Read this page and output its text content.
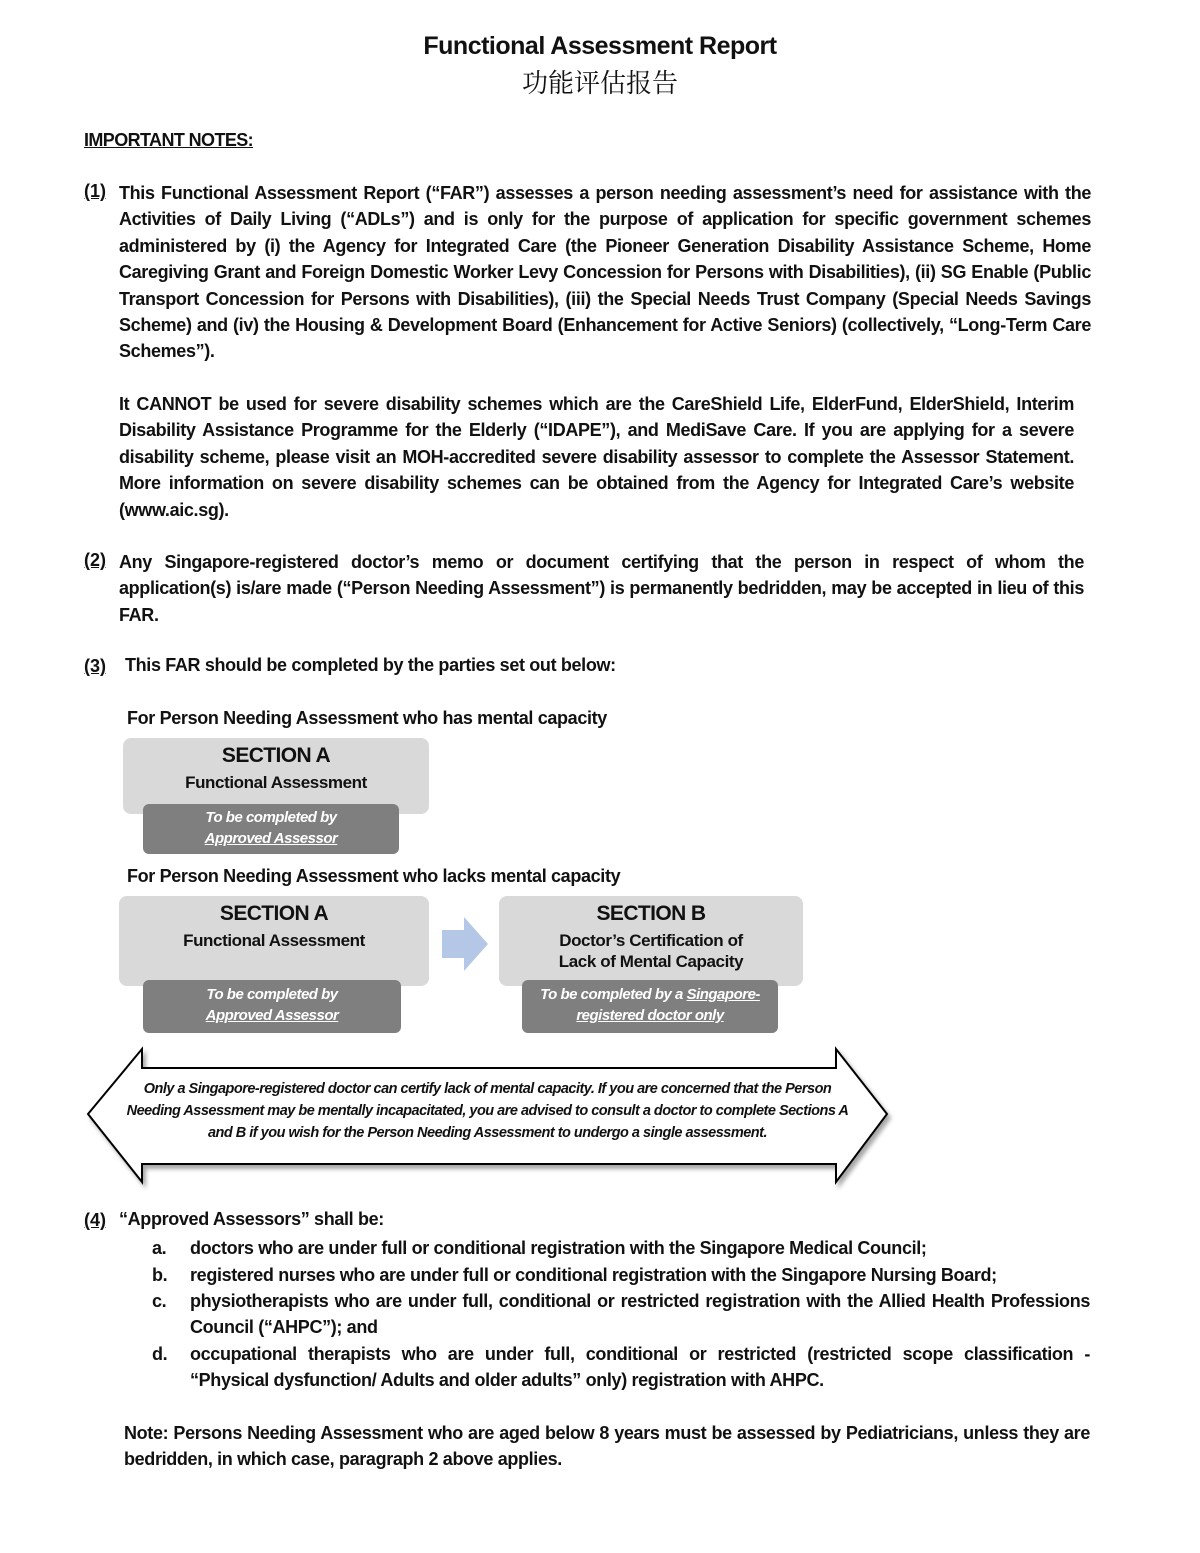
Functional Assessment Report
功能评估报告
IMPORTANT NOTES:
(1) This Functional Assessment Report (“FAR”) assesses a person needing assessment’s need for assistance with the Activities of Daily Living (“ADLs”) and is only for the purpose of application for specific government schemes administered by (i) the Agency for Integrated Care (the Pioneer Generation Disability Assistance Scheme, Home Caregiving Grant and Foreign Domestic Worker Levy Concession for Persons with Disabilities), (ii) SG Enable (Public Transport Concession for Persons with Disabilities), (iii) the Special Needs Trust Company (Special Needs Savings Scheme) and (iv) the Housing & Development Board (Enhancement for Active Seniors) (collectively, “Long-Term Care Schemes”).
It CANNOT be used for severe disability schemes which are the CareShield Life, ElderFund, ElderShield, Interim Disability Assistance Programme for the Elderly (“IDAPE”), and MediSave Care. If you are applying for a severe disability scheme, please visit an MOH-accredited severe disability assessor to complete the Assessor Statement. More information on severe disability schemes can be obtained from the Agency for Integrated Care’s website (www.aic.sg).
(2) Any Singapore-registered doctor’s memo or document certifying that the person in respect of whom the application(s) is/are made (“Person Needing Assessment”) is permanently bedridden, may be accepted in lieu of this FAR.
(3) This FAR should be completed by the parties set out below:
For Person Needing Assessment who has mental capacity
SECTION A
Functional Assessment
To be completed by
Approved Assessor
For Person Needing Assessment who lacks mental capacity
SECTION A
Functional Assessment
To be completed by
Approved Assessor
SECTION B
Doctor’s Certification of
Lack of Mental Capacity
To be completed by a Singapore-
registered doctor only
Only a Singapore-registered doctor can certify lack of mental capacity. If you are concerned that the Person Needing Assessment may be mentally incapacitated, you are advised to consult a doctor to complete Sections A and B if you wish for the Person Needing Assessment to undergo a single assessment.
(4) “Approved Assessors” shall be:
a.	doctors who are under full or conditional registration with the Singapore Medical Council;
b.	registered nurses who are under full or conditional registration with the Singapore Nursing Board;
c.	physiotherapists who are under full, conditional or restricted registration with the Allied Health Professions Council (“AHPC”); and
d.	occupational therapists who are under full, conditional or restricted (restricted scope classification - “Physical dysfunction/ Adults and older adults” only) registration with AHPC.
Note: Persons Needing Assessment who are aged below 8 years must be assessed by Pediatricians, unless they are bedridden, in which case, paragraph 2 above applies.
